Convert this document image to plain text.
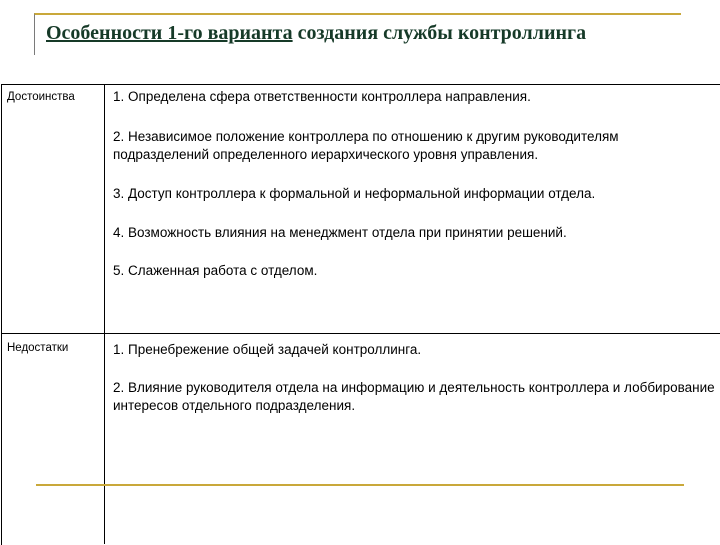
Особенности 1-го варианта создания службы контроллинга
Достоинства	1. Определена сфера ответственности контроллера направления.
2. Независимое положение контроллера по отношению к другим руководителям подразделений определенного иерархического уровня управления.
3. Доступ контроллера к формальной и неформальной информации отдела.
4. Возможность влияния на менеджмент отдела при принятии решений.
5. Слаженная работа с отделом.
Недостатки	1. Пренебрежение общей задачей контроллинга.
2. Влияние руководителя отдела на информацию и деятельность контроллера и лоббирование интересов отдельного подразделения.
